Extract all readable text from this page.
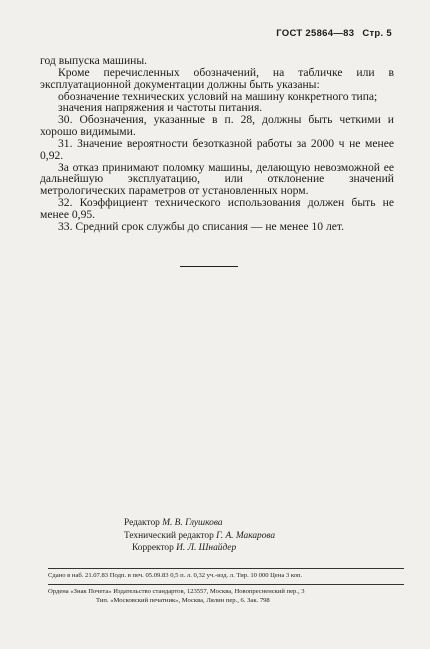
ГОСТ 25864—83 Стр. 5

год выпуска машины.

Кроме перечисленных обозначений, на табличке или в эксплуатационной документации должны быть указаны:

обозначение технических условий на машину конкретного типа;

значения напряжения и частоты питания.

30. Обозначения, указанные в п. 28, должны быть четкими и хорошо видимыми.

31. Значение вероятности безотказной работы за 2000 ч не менее 0,92.

За отказ принимают поломку машины, делающую невозможной ее дальнейшую эксплуатацию, или отклонение значений метрологических параметров от установленных норм.

32. Коэффициент технического использования должен быть не менее 0,95.

33. Средний срок службы до списания — не менее 10 лет.

Редактор М. В. Глушкова
Технический редактор Г. А. Макарова
Корректор И. Л. Шнайдер
Сдано в наб. 21.07.83 Подп. в печ. 05.09.83 0,5 п. л. 0,32 уч.-изд. л. Тир. 10 000 Цена 3 коп.
Ордена «Знак Почета» Издательство стандартов, 123557, Москва, Новопресненский пер., 3
Тип. «Московский печатник», Москва, Лялин пер., 6. Зак. 798
